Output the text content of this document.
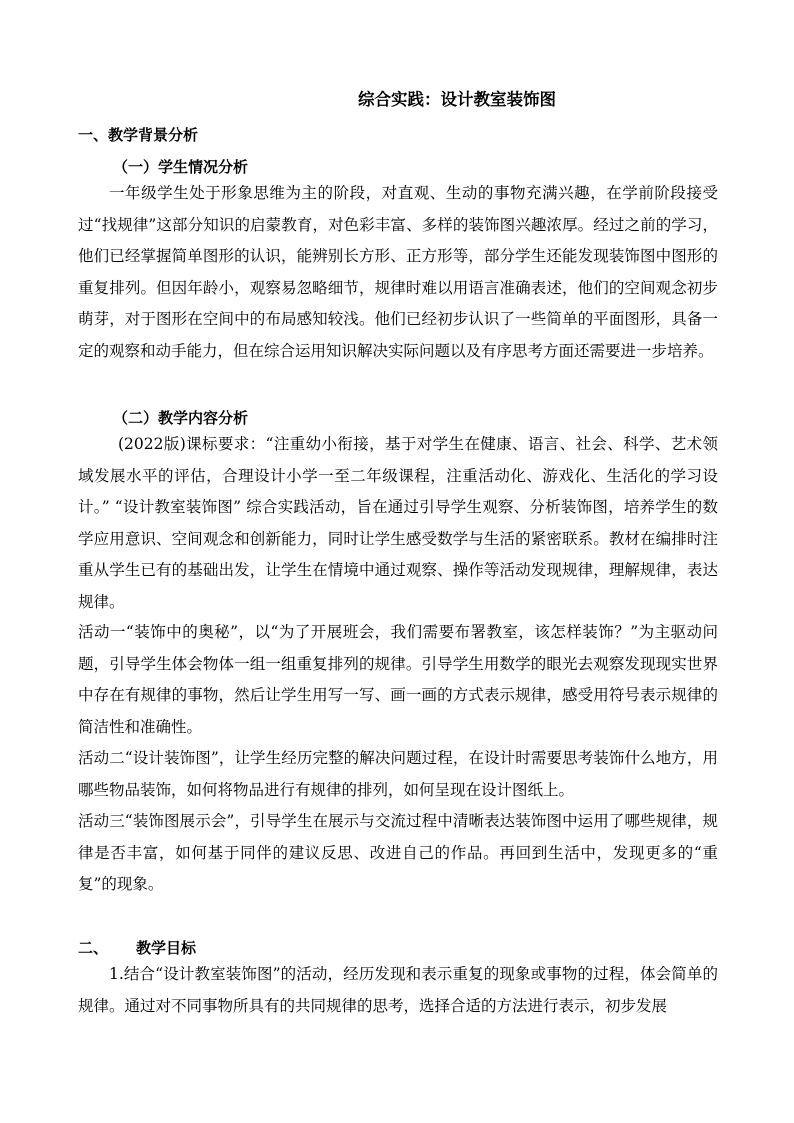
综合实践：设计教室装饰图
一、教学背景分析
（一）学生情况分析

一年级学生处于形象思维为主的阶段，对直观、生动的事物充满兴趣，在学前阶段接受过“找规律”这部分知识的启蒙教育，对色彩丰富、多样的装饰图兴趣浓厚。经过之前的学习，他们已经掌握简单图形的认识，能辨别长方形、正方形等，部分学生还能发现装饰图中图形的重复排列。但因年龄小，观察易忽略细节，规律时难以用语言准确表述，他们的空间观念初步萌芽，对于图形在空间中的布局感知较浅。他们已经初步认识了一些简单的平面图形，具备一定的观察和动手能力，但在综合运用知识解决实际问题以及有序思考方面还需要进一步培养。

（二）教学内容分析

(2022版)课标要求：“注重幼小衔接，基于对学生在健康、语言、社会、科学、艺术领域发展水平的评估，合理设计小学一至二年级课程，注重活动化、游戏化、生活化的学习设计。” “设计教室装饰图” 综合实践活动，旨在通过引导学生观察、分析装饰图，培养学生的数学应用意识、空间观念和创新能力，同时让学生感受数学与生活的紧密联系。教材在编排时注重从学生已有的基础出发，让学生在情境中通过观察、操作等活动发现规律，理解规律，表达规律。

活动一“装饰中的奥秘”，以“为了开展班会，我们需要布署教室，该怎样装饰？”为主驱动问题，引导学生体会物体一组一组重复排列的规律。引导学生用数学的眼光去观察发现现实世界中存在有规律的事物，然后让学生用写一写、画一画的方式表示规律，感受用符号表示规律的简洁性和准确性。

活动二“设计装饰图”，让学生经历完整的解决问题过程，在设计时需要思考装饰什么地方，用哪些物品装饰，如何将物品进行有规律的排列，如何呈现在设计图纸上。

活动三“装饰图展示会”，引导学生在展示与交流过程中清晰表达装饰图中运用了哪些规律，规律是否丰富，如何基于同伴的建议反思、改进自己的作品。再回到生活中，发现更多的“重复”的现象。

二、 教学目标

1.结合“设计教室装饰图”的活动，经历发现和表示重复的现象或事物的过程，体会简单的规律。通过对不同事物所具有的共同规律的思考，选择合适的方法进行表示，初步发展
